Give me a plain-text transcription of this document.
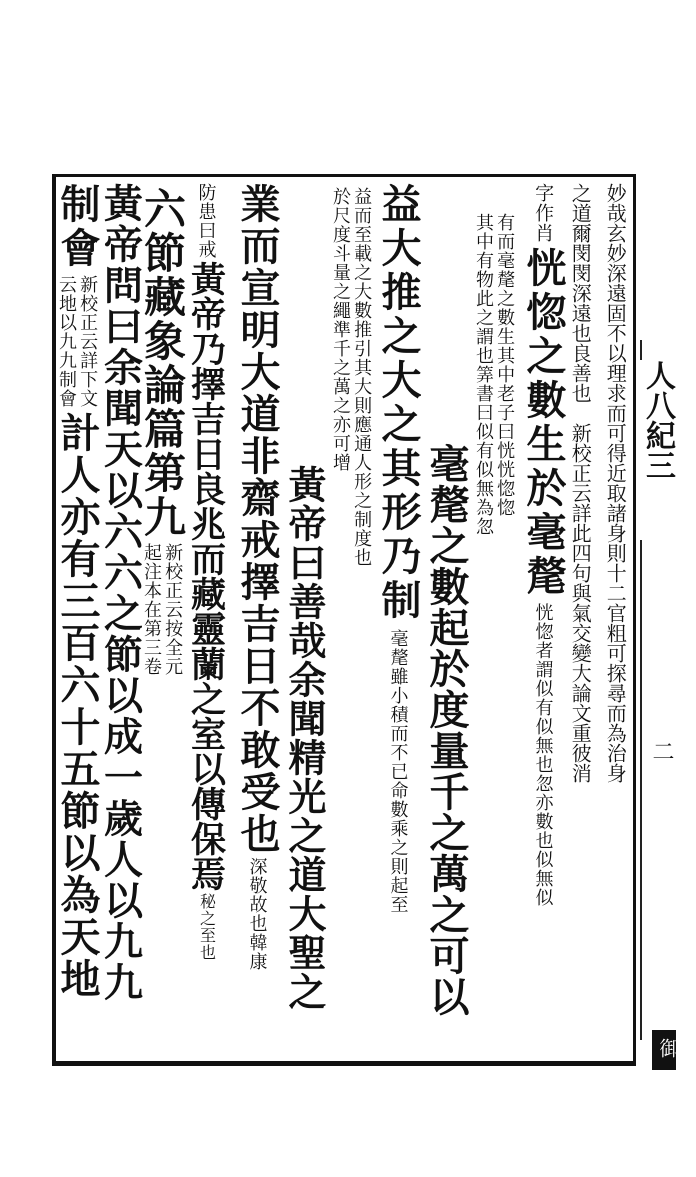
妙哉玄妙深遠固不以理求而可得近取諸身則十二官粗可探尋而為治身
之道爾閔閔深遠也良善也　新校正云詳此四句與氣交變大論文重彼消
字作肖
恍惚之數生於毫氂
恍惚者謂似有似無也忽亦數也似無似
有而毫氂之數生其中老子曰恍恍惚惚
其中有物此之謂也筭書曰似有似無為忽
毫氂之數起於度量千之萬之可以
益大推之大之其形乃制
毫氂雖小積而不已命數乘之則起至
益而至載之大數推引其大則應通人形之制度也
於尺度斗量之繩準千之萬之亦可增
黃帝曰善哉余聞精光之道大聖之
業而宣明大道非齋戒擇吉日不敢受也
深敬故也韓康
防患曰戒
黃帝乃擇吉日良兆而藏靈蘭之室以傳保焉
秘之至也
六節藏象論篇第九
新校正云按全元
起注本在第三卷
黃帝問曰余聞天以六六之節以成一歲人以九九
制會
新校正云詳下文
云地以九九制會
計人亦有三百六十五節以為天地	人八紀三
二
御
